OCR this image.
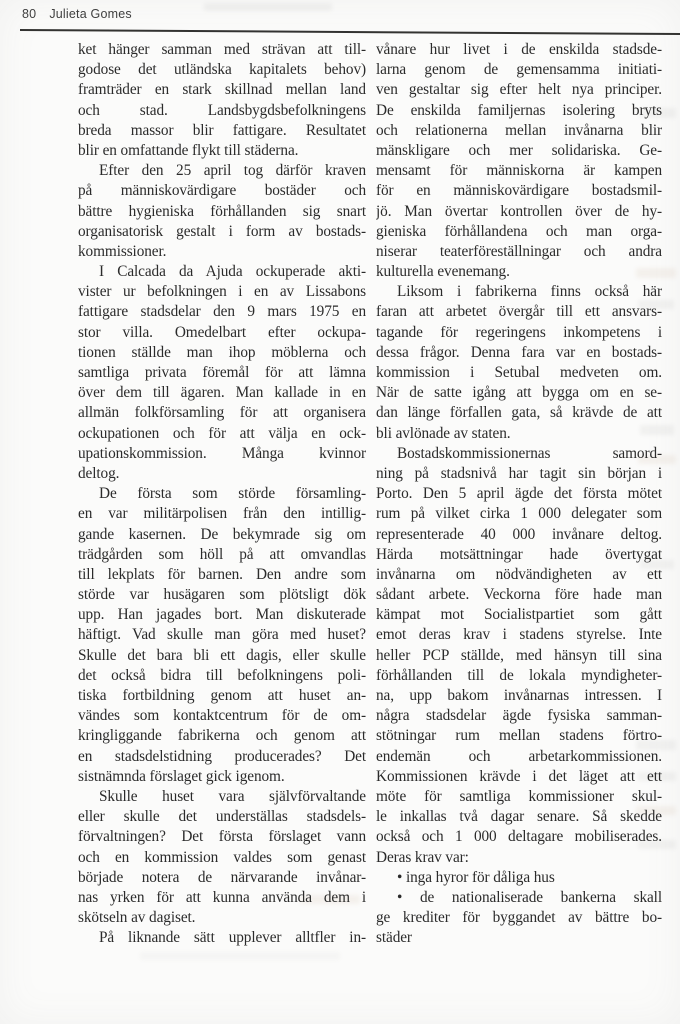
80 Julieta Gomes
ket hänger samman med strävan att till-
godose det utländska kapitalets behov)
framträder en stark skillnad mellan land
och stad. Landsbygdsbefolkningens
breda massor blir fattigare. Resultatet
blir en omfattande flykt till städerna.
Efter den 25 april tog därför kraven
på människovärdigare bostäder och
bättre hygieniska förhållanden sig snart
organisatorisk gestalt i form av bostads-
kommissioner.
I Calcada da Ajuda ockuperade akti-
vister ur befolkningen i en av Lissabons
fattigare stadsdelar den 9 mars 1975 en
stor villa. Omedelbart efter ockupa-
tionen ställde man ihop möblerna och
samtliga privata föremål för att lämna
över dem till ägaren. Man kallade in en
allmän folkförsamling för att organisera
ockupationen och för att välja en ock-
upationskommission. Många kvinnor
deltog.
De första som störde församling-
en var militärpolisen från den intillig-
gande kasernen. De bekymrade sig om
trädgården som höll på att omvandlas
till lekplats för barnen. Den andre som
störde var husägaren som plötsligt dök
upp. Han jagades bort. Man diskuterade
häftigt. Vad skulle man göra med huset?
Skulle det bara bli ett dagis, eller skulle
det också bidra till befolkningens poli-
tiska fortbildning genom att huset an-
vändes som kontaktcentrum för de om-
kringliggande fabrikerna och genom att
en stadsdelstidning producerades? Det
sistnämnda förslaget gick igenom.
Skulle huset vara självförvaltande
eller skulle det underställas stadsdels-
förvaltningen? Det första förslaget vann
och en kommission valdes som genast
började notera de närvarande invånar-
nas yrken för att kunna använda dem i
skötseln av dagiset.
På liknande sätt upplever alltfler in-
vånare hur livet i de enskilda stadsde-
larna genom de gemensamma initiati-
ven gestaltar sig efter helt nya principer.
De enskilda familjernas isolering bryts
och relationerna mellan invånarna blir
mänskligare och mer solidariska. Ge-
mensamt för människorna är kampen
för en människovärdigare bostadsmil-
jö. Man övertar kontrollen över de hy-
gieniska förhållandena och man orga-
niserar teaterföreställningar och andra
kulturella evenemang.
Liksom i fabrikerna finns också här
faran att arbetet övergår till ett ansvars-
tagande för regeringens inkompetens i
dessa frågor. Denna fara var en bostads-
kommission i Setubal medveten om.
När de satte igång att bygga om en se-
dan länge förfallen gata, så krävde de att
bli avlönade av staten.
Bostadskommissionernas samord-
ning på stadsnivå har tagit sin början i
Porto. Den 5 april ägde det första mötet
rum på vilket cirka 1 000 delegater som
representerade 40 000 invånare deltog.
Härda motsättningar hade övertygat
invånarna om nödvändigheten av ett
sådant arbete. Veckorna före hade man
kämpat mot Socialistpartiet som gått
emot deras krav i stadens styrelse. Inte
heller PCP ställde, med hänsyn till sina
förhållanden till de lokala myndigheter-
na, upp bakom invånarnas intressen. I
några stadsdelar ägde fysiska samman-
stötningar rum mellan stadens förtro-
endemän och arbetarkommissionen.
Kommissionen krävde i det läget att ett
möte för samtliga kommissioner skul-
le inkallas två dagar senare. Så skedde
också och 1 000 deltagare mobiliserades.
Deras krav var:
• inga hyror för dåliga hus
• de nationaliserade bankerna skall
ge krediter för byggandet av bättre bo-
städer
